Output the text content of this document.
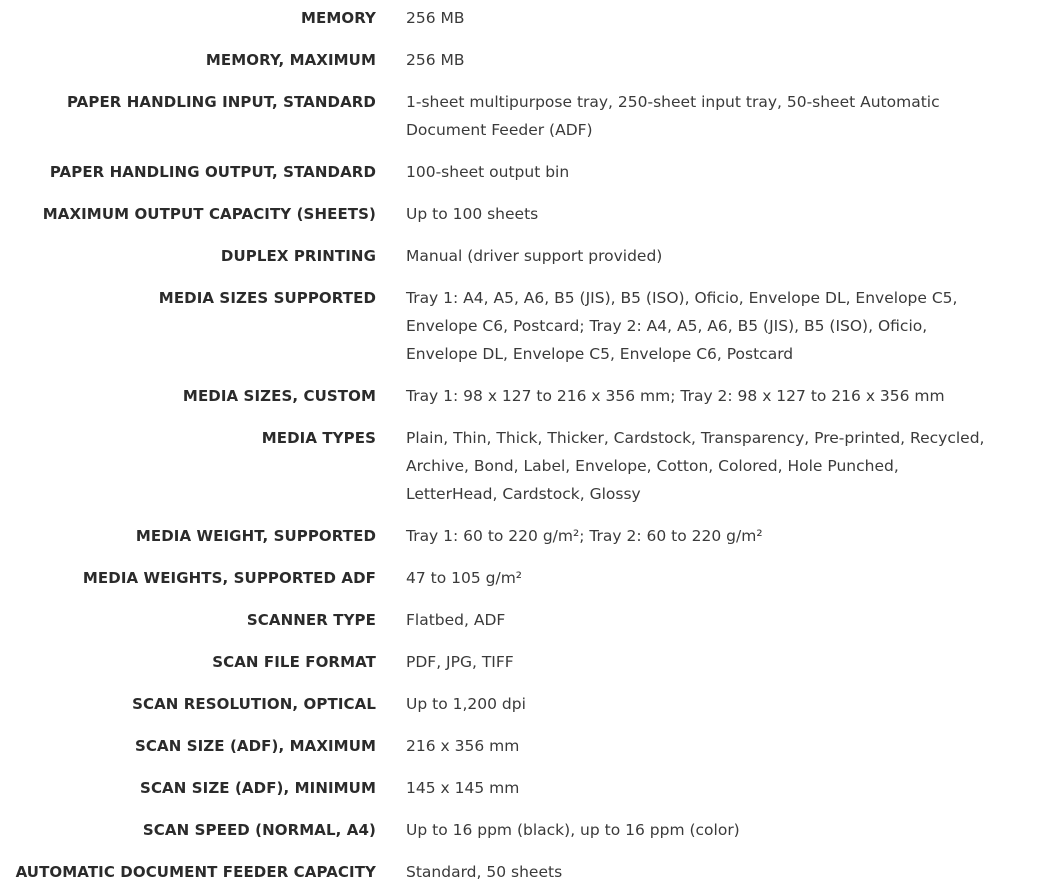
MEMORY 256 MB
MEMORY, MAXIMUM 256 MB
PAPER HANDLING INPUT, STANDARD 1-sheet multipurpose tray, 250-sheet input tray, 50-sheet Automatic Document Feeder (ADF)
PAPER HANDLING OUTPUT, STANDARD 100-sheet output bin
MAXIMUM OUTPUT CAPACITY (SHEETS) Up to 100 sheets
DUPLEX PRINTING Manual (driver support provided)
MEDIA SIZES SUPPORTED Tray 1: A4, A5, A6, B5 (JIS), B5 (ISO), Oficio, Envelope DL, Envelope C5, Envelope C6, Postcard; Tray 2: A4, A5, A6, B5 (JIS), B5 (ISO), Oficio, Envelope DL, Envelope C5, Envelope C6, Postcard
MEDIA SIZES, CUSTOM Tray 1: 98 x 127 to 216 x 356 mm; Tray 2: 98 x 127 to 216 x 356 mm
MEDIA TYPES Plain, Thin, Thick, Thicker, Cardstock, Transparency, Pre-printed, Recycled, Archive, Bond, Label, Envelope, Cotton, Colored, Hole Punched, LetterHead, Cardstock, Glossy
MEDIA WEIGHT, SUPPORTED Tray 1: 60 to 220 g/m²; Tray 2: 60 to 220 g/m²
MEDIA WEIGHTS, SUPPORTED ADF 47 to 105 g/m²
SCANNER TYPE Flatbed, ADF
SCAN FILE FORMAT PDF, JPG, TIFF
SCAN RESOLUTION, OPTICAL Up to 1,200 dpi
SCAN SIZE (ADF), MAXIMUM 216 x 356 mm
SCAN SIZE (ADF), MINIMUM 145 x 145 mm
SCAN SPEED (NORMAL, A4) Up to 16 ppm (black), up to 16 ppm (color)
AUTOMATIC DOCUMENT FEEDER CAPACITY Standard, 50 sheets
